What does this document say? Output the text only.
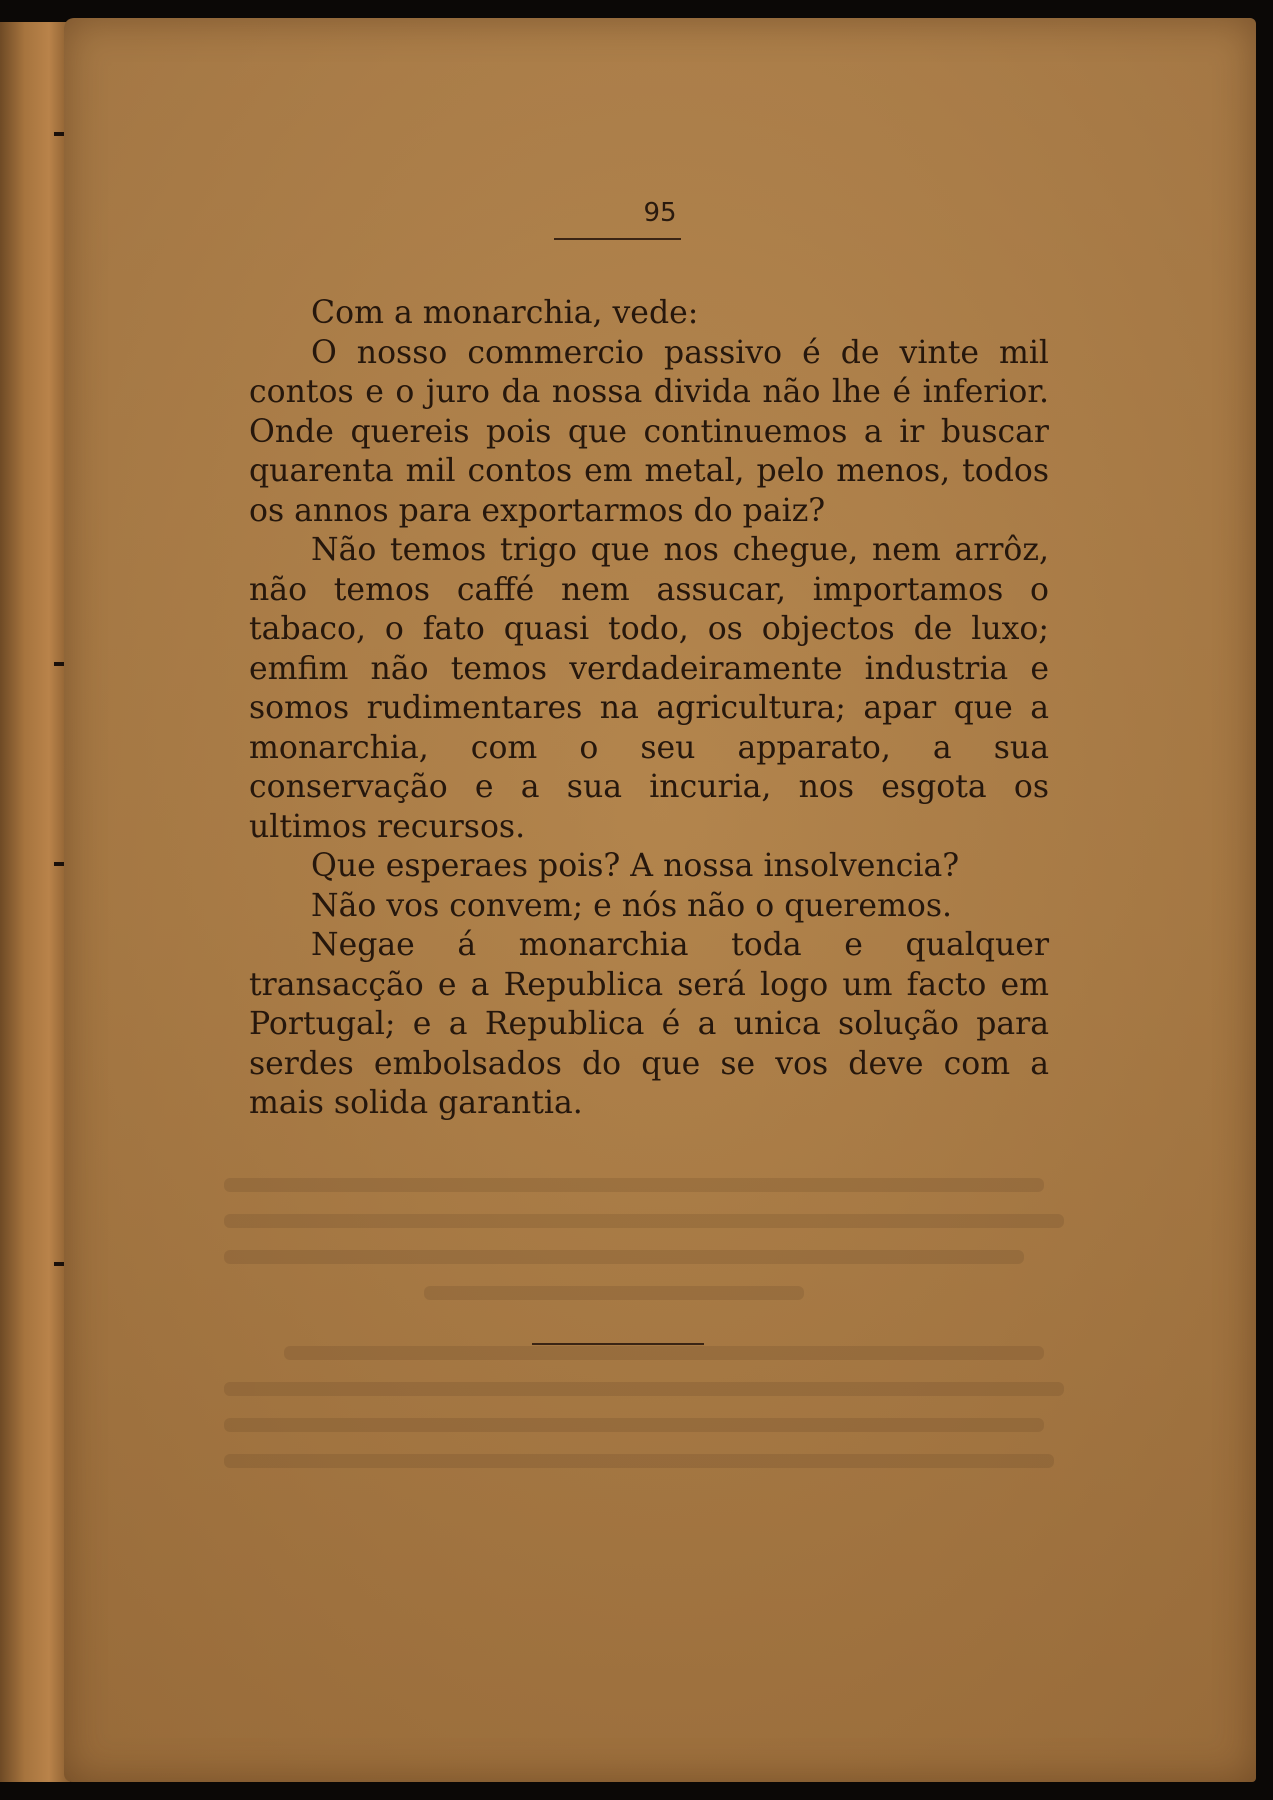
95

Com a monarchia, vede:

O nosso commercio passivo é de vinte mil contos e o juro da nossa divida não lhe é inferior. Onde quereis pois que continuemos a ir buscar quarenta mil contos em metal, pelo menos, todos os annos para exportarmos do paiz?

Não temos trigo que nos chegue, nem arrôz, não temos caffé nem assucar, importamos o tabaco, o fato quasi todo, os objectos de luxo; emfim não temos verdadeiramente industria e somos rudimentares na agricultura; apar que a monarchia, com o seu apparato, a sua conservação e a sua incuria, nos esgota os ultimos recursos.

Que esperaes pois? A nossa insolvencia?

Não vos convem; e nós não o queremos.

Negae á monarchia toda e qualquer transacção e a Republica será logo um facto em Portugal; e a Republica é a unica solução para serdes embolsados do que se vos deve com a mais solida garantia.
